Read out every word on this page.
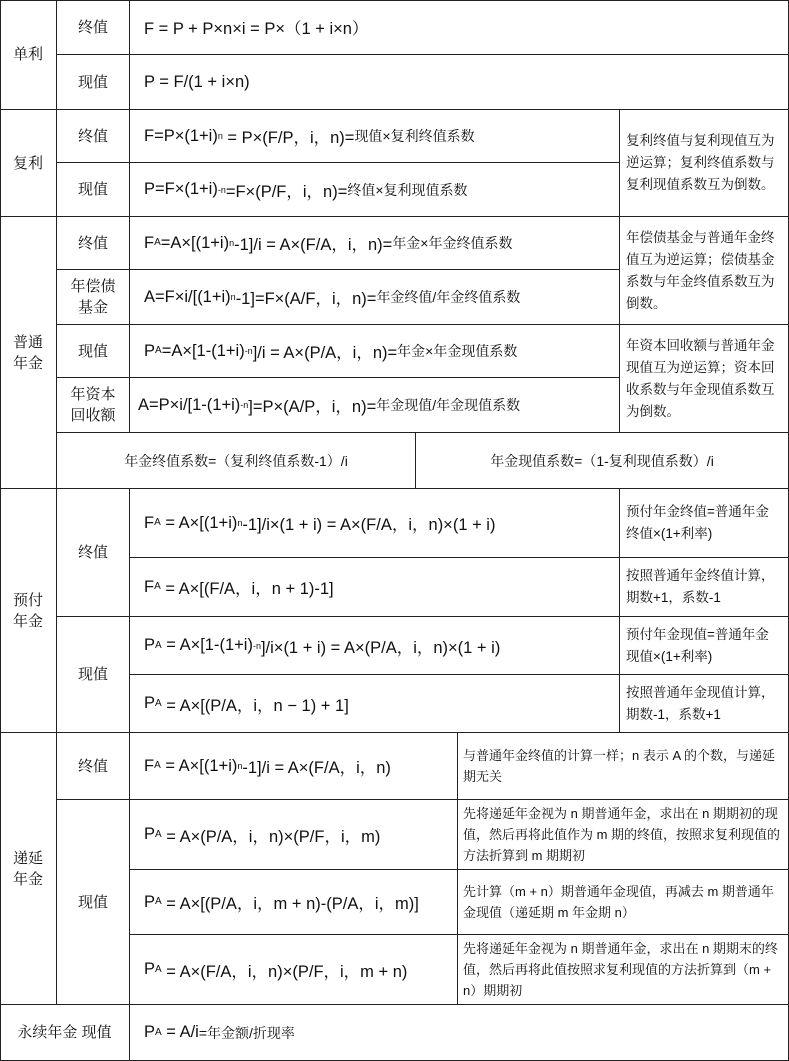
单利
终值 F = P + P×n×i = P×（1 + i×n）
现值 P = F/(1 + i×n)
复利
终值 F=P×(1+i) n = P×(F/P，i，n)= 现值×复利终值系数
现值 P=F×(1+i) -n =F×(P/F，i，n)= 终值×复利现值系数
复利终值与复利现值互为逆运算；复利终值系数与复利现值系数互为倒数。
普通
年金
终值 F A =A×[(1+i) n -1]/i = A×(F/A，i，n)= 年金×年金终值系数
年偿债
基金
A=F×i/[(1+i) n -1]=F×(A/F，i，n)= 年金终值/年金终值系数
年偿债基金与普通年金终值互为逆运算；偿债基金系数与年金终值系数互为倒数。
现值 P A =A×[1-(1+i) -n ]/i = A×(P/A，i，n)= 年金×年金现值系数
年资本
回收额
A=P×i/[1-(1+i) -n ]=P×(A/P，i，n)= 年金现值/年金现值系数
年资本回收额与普通年金现值互为逆运算；资本回收系数与年金现值系数互为倒数。
年金终值系数=（复利终值系数-1）/i	年金现值系数=（1-复利现值系数）/i
预付
年金
终值
F A = A×[(1+i) n -1]/i×(1 + i) = A×(F/A，i，n)×(1 + i)
预付年金终值=普通年金终值×(1+利率)
F A = A×[(F/A，i，n + 1)-1]
按照普通年金终值计算，期数+1，系数-1
现值
P A = A×[1-(1+i) -n ]/i×(1 + i) = A×(P/A，i，n)×(1 + i)
预付年金现值=普通年金现值×(1+利率)
P A = A×[(P/A，i，n − 1) + 1]
按照普通年金现值计算，期数-1，系数+1
递延
年金
终值 F A = A×[(1+i) n -1]/i = A×(F/A，i，n)
与普通年金终值的计算一样；n 表示 A 的个数，与递延期无关
现值
P A = A×(P/A，i，n)×(P/F，i，m)
先将递延年金视为 n 期普通年金，求出在 n 期期初的现值，然后再将此值作为 m 期的终值，按照求复利现值的方法折算到 m 期期初
P A = A×[(P/A，i，m + n)-(P/A，i，m)]
先计算（m + n）期普通年金现值，再减去 m 期普通年金现值（递延期 m 年金期 n）
P A = A×(F/A，i，n)×(P/F，i，m + n)
先将递延年金视为 n 期普通年金，求出在 n 期期末的终值，然后再将此值按照求复利现值的方法折算到（m + n）期期初
永续年金 现值 P A = A/i =年金额/折现率
